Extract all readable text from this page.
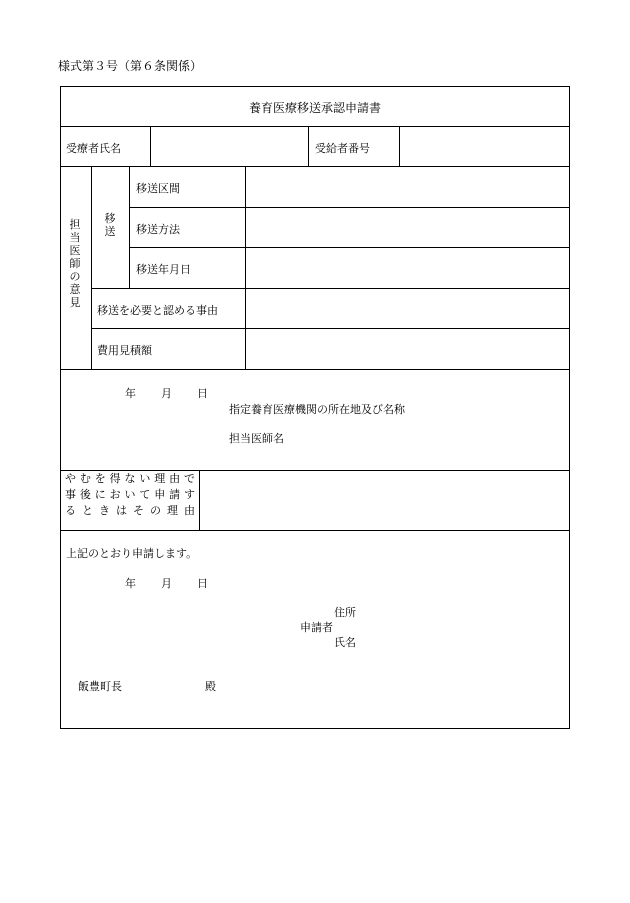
様式第３号（第６条関係）
養育医療移送承認申請書
受療者氏名	受給者番号
担
当
医
師
の
意
見
移
送
移送区間
移送方法
移送年月日
移送を必要と認める事由
費用見積額
年 月 日
指定養育医療機関の所在地及び名称
担当医師名
やむを得ない理由で
事後において申請す
るときはその理由
上記のとおり申請します。
年 月 日
住所
申請者
氏名
飯豊町長	殿
